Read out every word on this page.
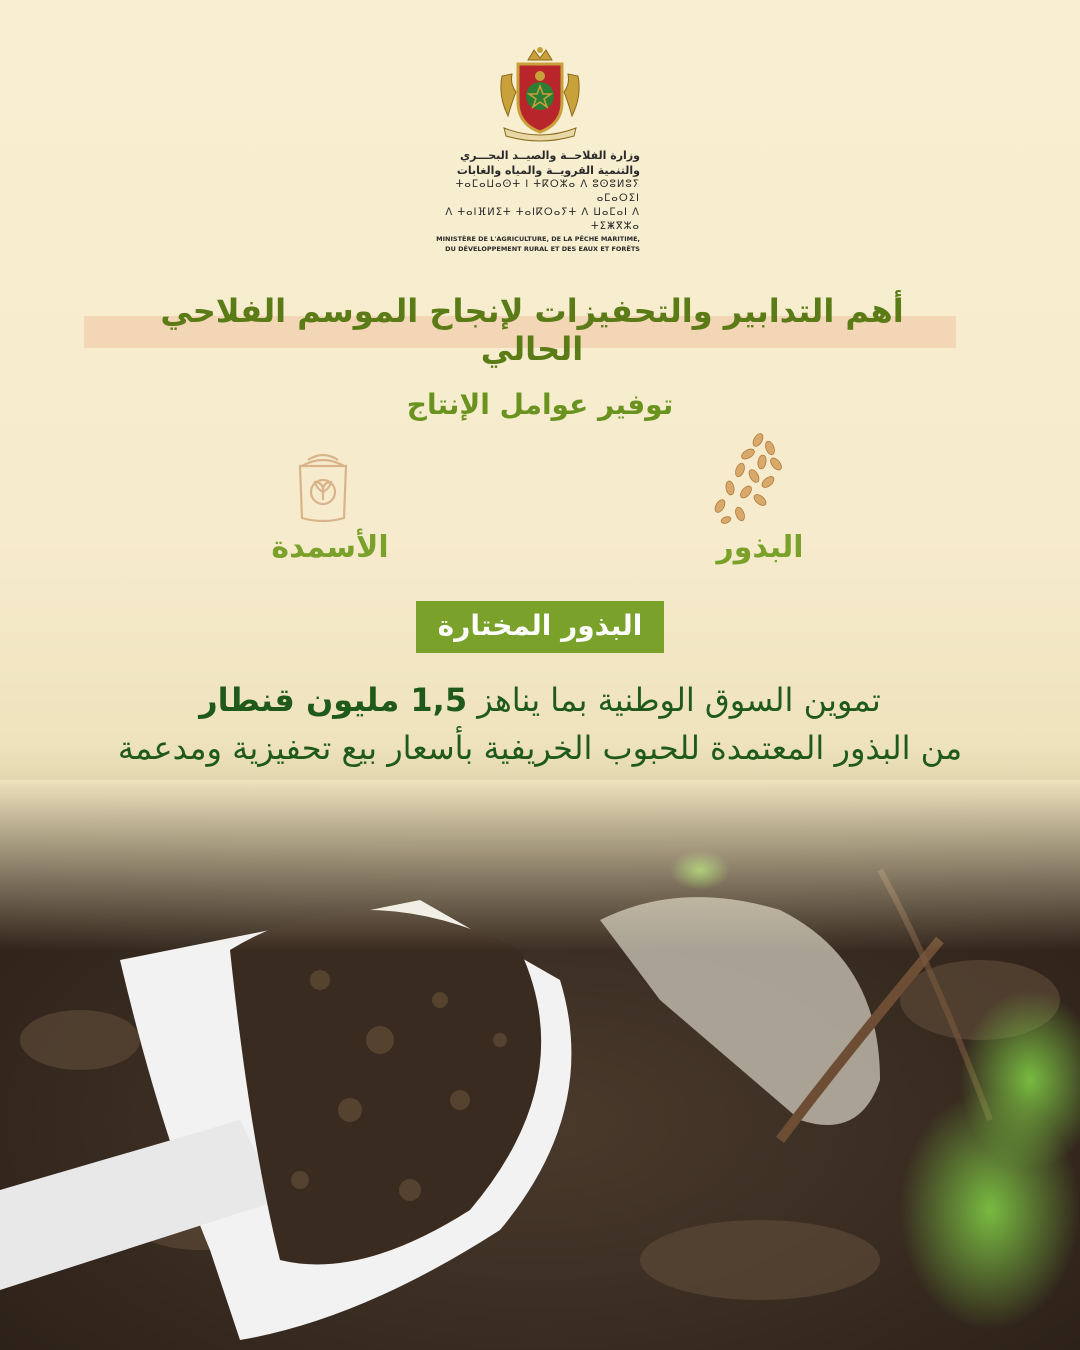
وزارة الفلاحــة والصيــد البحـــري
والتنمية القرويــة والمياه والغابات
ⵜⴰⵎⴰⵡⴰⵙⵜ ⵏ ⵜⴽⵔⵣⴰ ⴷ ⵓⵙⵓⵍⵓⵢ ⴰⵎⴰⵔⵉⵏ
ⴷ ⵜⴰⵏⴼⵍⵉⵜ ⵜⴰⵏⴽⵔⴰⵢⵜ ⴷ ⵡⴰⵎⴰⵏ ⴷ ⵜⵉⵥⴳⵣⴰ
MINISTÈRE DE L'AGRICULTURE, DE LA PÊCHE MARITIME,
DU DÉVELOPPEMENT RURAL ET DES EAUX ET FORÊTS
أهم التدابير والتحفيزات لإنجاح الموسم الفلاحي الحالي
توفير عوامل الإنتاج
البذور
الأسمدة
البذور المختارة
تموين السوق الوطنية بما يناهز 1,5 مليون قنطار
من البذور المعتمدة للحبوب الخريفية بأسعار بيع تحفيزية ومدعمة
